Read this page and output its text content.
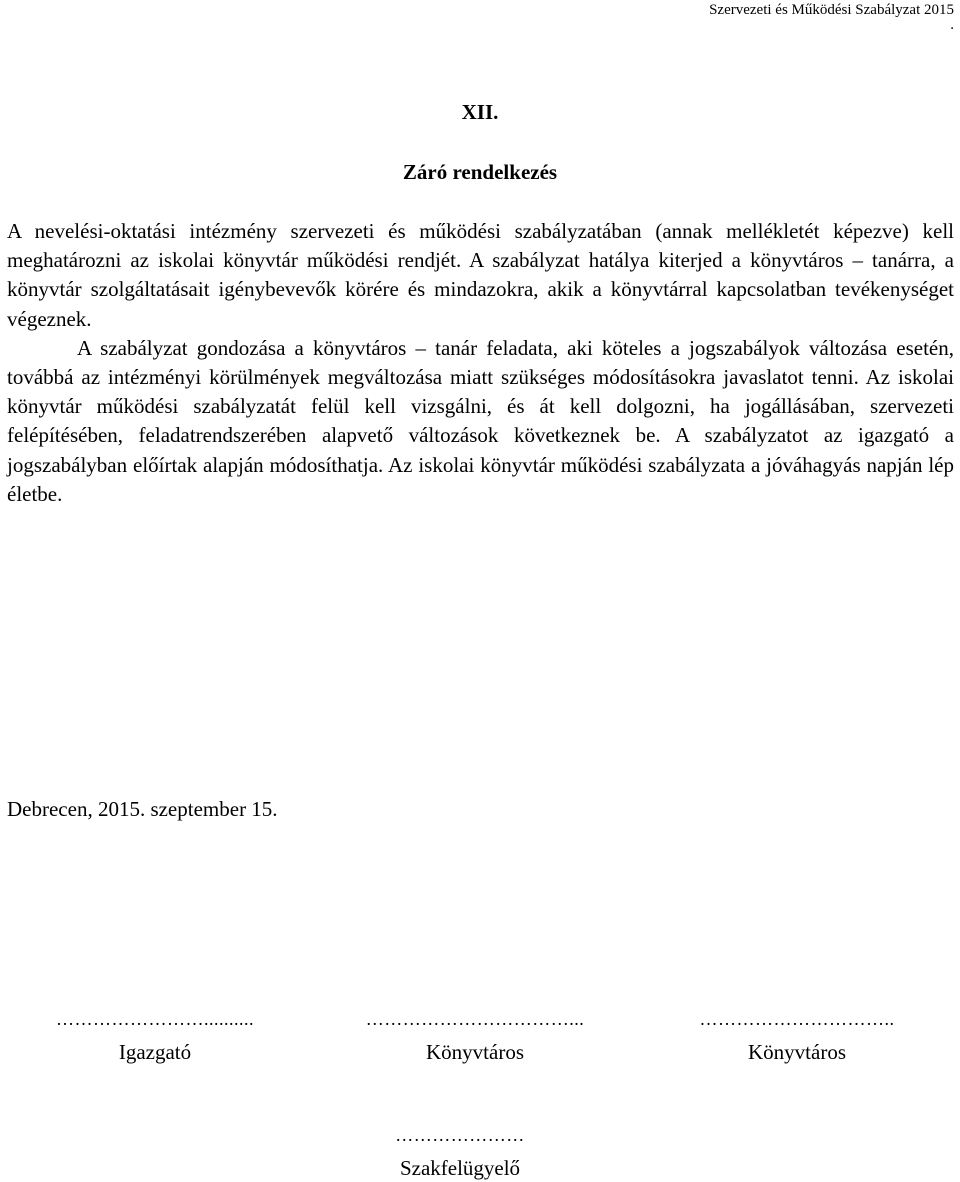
Szervezeti és Működési Szabályzat 2015
.
XII.
Záró rendelkezés

A nevelési-oktatási intézmény szervezeti és működési szabályzatában (annak mellékletét képezve) kell meghatározni az iskolai könyvtár működési rendjét. A szabályzat hatálya kiterjed a könyvtáros – tanárra, a könyvtár szolgáltatásait igénybevevők körére és mindazokra, akik a könyvtárral kapcsolatban tevékenységet végeznek.

A szabályzat gondozása a könyvtáros – tanár feladata, aki köteles a jogszabályok változása esetén, továbbá az intézményi körülmények megváltozása miatt szükséges módosításokra javaslatot tenni. Az iskolai könyvtár működési szabályzatát felül kell vizsgálni, és át kell dolgozni, ha jogállásában, szervezeti felépítésében, feladatrendszerében alapvető változások következnek be. A szabályzatot az igazgató a jogszabályban előírtak alapján módosíthatja. Az iskolai könyvtár működési szabályzata a jóváhagyás napján lép életbe.

Debrecen, 2015. szeptember 15.
……………………..........
Igazgató
……………………………...
Könyvtáros
…………………………..
Könyvtáros
…………………
Szakfelügyelő
